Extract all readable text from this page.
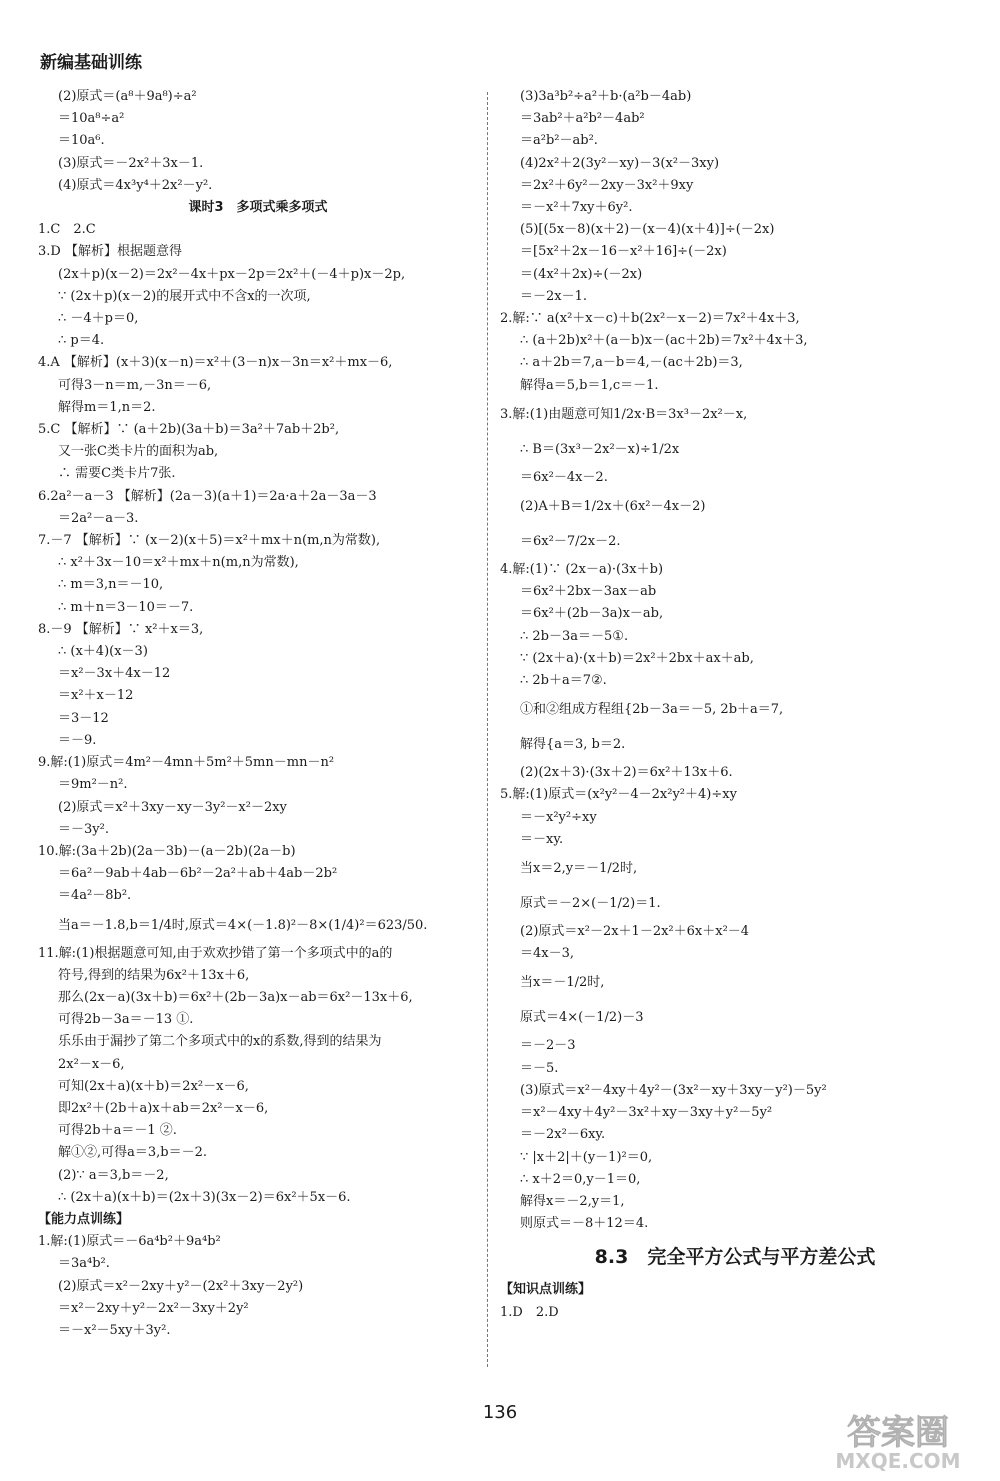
新编基础训练
(2)原式＝(a⁸＋9a⁸)÷a²
＝10a⁸÷a²
＝10a⁶.
(3)原式＝－2x²＋3x－1.
(4)原式＝4x³y⁴＋2x²－y².
课时3　多项式乘多项式
1.C　2.C
3.D 【解析】根据题意得
(2x＋p)(x－2)＝2x²－4x＋px－2p＝2x²＋(－4＋p)x－2p,
∵ (2x＋p)(x－2)的展开式中不含x的一次项,
∴ －4＋p＝0,
∴ p＝4.
4.A 【解析】(x＋3)(x－n)＝x²＋(3－n)x－3n＝x²＋mx－6,
可得3－n＝m,－3n＝－6,
解得m＝1,n＝2.
5.C 【解析】∵ (a＋2b)(3a＋b)＝3a²＋7ab＋2b²,
又一张C类卡片的面积为ab,
∴ 需要C类卡片7张.
6.2a²－a－3 【解析】(2a－3)(a＋1)＝2a·a＋2a－3a－3
＝2a²－a－3.
7.－7 【解析】∵ (x－2)(x＋5)＝x²＋mx＋n(m,n为常数),
∴ x²＋3x－10＝x²＋mx＋n(m,n为常数),
∴ m＝3,n＝－10,
∴ m＋n＝3－10＝－7.
8.－9 【解析】∵ x²＋x＝3,
∴ (x＋4)(x－3)
＝x²－3x＋4x－12
＝x²＋x－12
＝3－12
＝－9.
9.解:(1)原式＝4m²－4mn＋5m²＋5mn－mn－n²
＝9m²－n².
(2)原式＝x²＋3xy－xy－3y²－x²－2xy
＝－3y².
10.解:(3a＋2b)(2a－3b)－(a－2b)(2a－b)
＝6a²－9ab＋4ab－6b²－2a²＋ab＋4ab－2b²
＝4a²－8b².
当a＝－1.8,b＝1/4时,原式＝4×(－1.8)²－8×(1/4)²＝623/50.
11.解:(1)根据题意可知,由于欢欢抄错了第一个多项式中的a的
符号,得到的结果为6x²＋13x＋6,
那么(2x－a)(3x＋b)＝6x²＋(2b－3a)x－ab＝6x²－13x＋6,
可得2b－3a＝－13 ①.
乐乐由于漏抄了第二个多项式中的x的系数,得到的结果为
2x²－x－6,
可知(2x＋a)(x＋b)＝2x²－x－6,
即2x²＋(2b＋a)x＋ab＝2x²－x－6,
可得2b＋a＝－1 ②.
解①②,可得a＝3,b＝－2.
(2)∵ a＝3,b＝－2,
∴ (2x＋a)(x＋b)＝(2x＋3)(3x－2)＝6x²＋5x－6.
【能力点训练】
1.解:(1)原式＝－6a⁴b²＋9a⁴b²
＝3a⁴b².
(2)原式＝x²－2xy＋y²－(2x²＋3xy－2y²)
＝x²－2xy＋y²－2x²－3xy＋2y²
＝－x²－5xy＋3y².
(3)3a³b²÷a²＋b·(a²b－4ab)
＝3ab²＋a²b²－4ab²
＝a²b²－ab².
(4)2x²＋2(3y²－xy)－3(x²－3xy)
＝2x²＋6y²－2xy－3x²＋9xy
＝－x²＋7xy＋6y².
(5)[(5x－8)(x＋2)－(x－4)(x＋4)]÷(－2x)
＝[5x²＋2x－16－x²＋16]÷(－2x)
＝(4x²＋2x)÷(－2x)
＝－2x－1.
2.解:∵ a(x²＋x－c)＋b(2x²－x－2)＝7x²＋4x＋3,
∴ (a＋2b)x²＋(a－b)x－(ac＋2b)＝7x²＋4x＋3,
∴ a＋2b＝7,a－b＝4,－(ac＋2b)＝3,
解得a＝5,b＝1,c＝－1.
3.解:(1)由题意可知1/2x·B＝3x³－2x²－x,
∴ B＝(3x³－2x²－x)÷1/2x
＝6x²－4x－2.
(2)A＋B＝1/2x＋(6x²－4x－2)
＝6x²－7/2x－2.
4.解:(1)∵ (2x－a)·(3x＋b)
＝6x²＋2bx－3ax－ab
＝6x²＋(2b－3a)x－ab,
∴ 2b－3a＝－5①.
∵ (2x＋a)·(x＋b)＝2x²＋2bx＋ax＋ab,
∴ 2b＋a＝7②.
①和②组成方程组{2b－3a＝－5, 2b＋a＝7,
解得{a＝3, b＝2.
(2)(2x＋3)·(3x＋2)＝6x²＋13x＋6.
5.解:(1)原式＝(x²y²－4－2x²y²＋4)÷xy
＝－x²y²÷xy
＝－xy.
当x＝2,y＝－1/2时,
原式＝－2×(－1/2)＝1.
(2)原式＝x²－2x＋1－2x²＋6x＋x²－4
＝4x－3,
当x＝－1/2时,
原式＝4×(－1/2)－3
＝－2－3
＝－5.
(3)原式＝x²－4xy＋4y²－(3x²－xy＋3xy－y²)－5y²
＝x²－4xy＋4y²－3x²＋xy－3xy＋y²－5y²
＝－2x²－6xy.
∵ |x＋2|＋(y－1)²＝0,
∴ x＋2＝0,y－1＝0,
解得x＝－2,y＝1,
则原式＝－8＋12＝4.
8.3　完全平方公式与平方差公式
【知识点训练】
1.D　2.D
136
答案圈
MXQE.COM
